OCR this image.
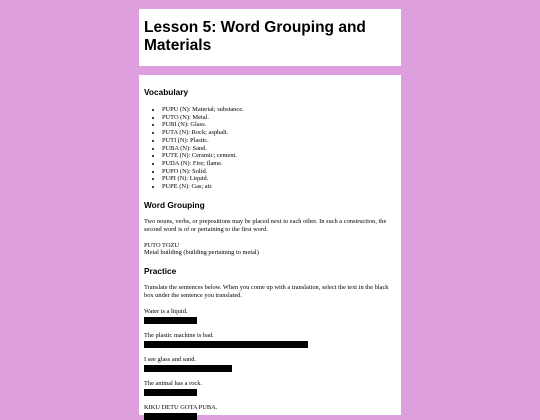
Lesson 5: Word Grouping and Materials
Vocabulary
• PUPU (N): Material; substance.
• PUTO (N): Metal.
• PUBI (N): Glass.
• PUTA (N): Rock; asphalt.
• PUTI (N): Plastic.
• PUBA (N): Sand.
• PUTE (N): Ceramic; cement.
• PUDA (N): Fire; flame.
• PUPO (N): Solid.
• PUPI (N): Liquid.
• PUPE (N): Gas; air.
Word Grouping

Two nouns, verbs, or prepositions may be placed next to each other. In such a construction, the second word is of or pertaining to the first word.

PUTO TOZU

Metal building (building pertaining to metal)

Practice

Translate the sentences below. When you come up with a translation, select the text in the black box under the sentence you translated.

Water is a liquid.

The plastic machine is bad.

I see glass and sand.

The animal has a rock.

KIKU DETU GOTA PUBA.
